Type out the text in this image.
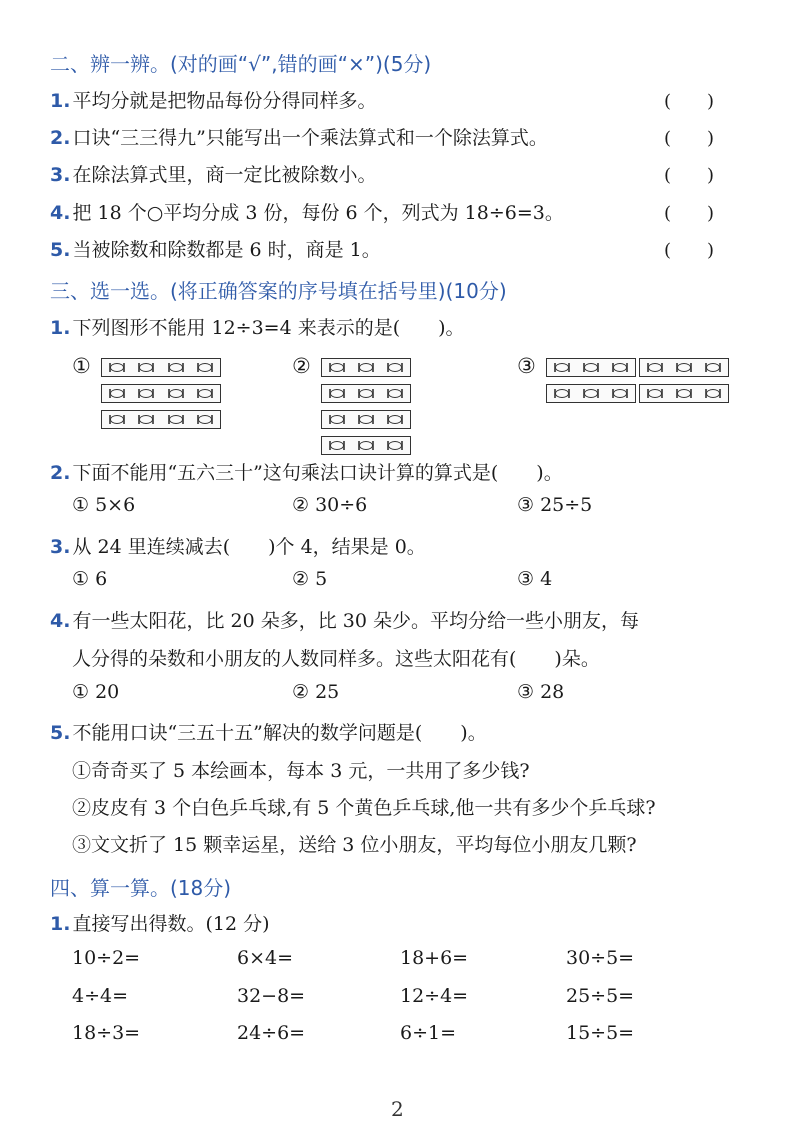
二、辨一辨。(对的画“√”,错的画“×”)(5分)
1. 平均分就是把物品每份分得同样多。	(　　)
2. 口诀“三三得九”只能写出一个乘法算式和一个除法算式。	(　　)
3. 在除法算式里，商一定比被除数小。	(　　)
4. 把 18 个○平均分成 3 份，每份 6 个，列式为 18÷6=3。	(　　)
5. 当被除数和除数都是 6 时，商是 1。	(　　)
三、选一选。(将正确答案的序号填在括号里)(10分)
1. 下列图形不能用 12÷3=4 来表示的是(　　)。
①	②	③
2. 下面不能用“五六三十”这句乘法口诀计算的算式是(　　)。
① 5×6	② 30÷6	③ 25÷5
3. 从 24 里连续减去(　　)个 4，结果是 0。
① 6	② 5	③ 4
4. 有一些太阳花，比 20 朵多，比 30 朵少。平均分给一些小朋友，每
人分得的朵数和小朋友的人数同样多。这些太阳花有(　　)朵。
① 20	② 25	③ 28
5. 不能用口诀“三五十五”解决的数学问题是(　　)。
①奇奇买了 5 本绘画本，每本 3 元，一共用了多少钱?
②皮皮有 3 个白色乒乓球,有 5 个黄色乒乓球,他一共有多少个乒乓球?
③文文折了 15 颗幸运星，送给 3 位小朋友，平均每位小朋友几颗?
四、算一算。(18分)
1. 直接写出得数。(12 分)
10÷2=	6×4=	18+6=	30÷5=
4÷4=	32−8=	12÷4=	25÷5=
18÷3=	24÷6=	6÷1=	15÷5=
2
